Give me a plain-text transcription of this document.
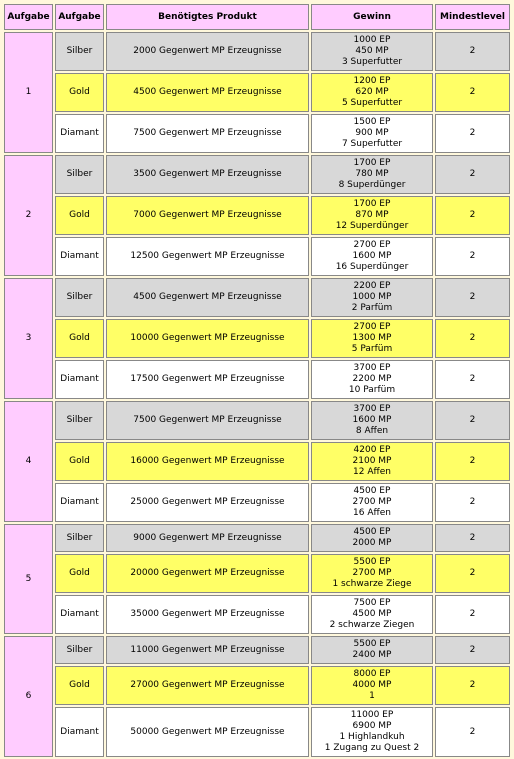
Aufgabe	Aufgabe	Benötigtes Produkt	Gewinn	Mindestlevel
1	Silber	2000 Gegenwert MP Erzeugnisse	1000 EP
450 MP
3 Superfutter	2
	Gold	4500 Gegenwert MP Erzeugnisse	1200 EP
620 MP
5 Superfutter	2
	Diamant	7500 Gegenwert MP Erzeugnisse	1500 EP
900 MP
7 Superfutter	2
2	Silber	3500 Gegenwert MP Erzeugnisse	1700 EP
780 MP
8 Superdünger	2
	Gold	7000 Gegenwert MP Erzeugnisse	1700 EP
870 MP
12 Superdünger	2
	Diamant	12500 Gegenwert MP Erzeugnisse	2700 EP
1600 MP
16 Superdünger	2
3	Silber	4500 Gegenwert MP Erzeugnisse	2200 EP
1000 MP
2 Parfüm	2
	Gold	10000 Gegenwert MP Erzeugnisse	2700 EP
1300 MP
5 Parfüm	2
	Diamant	17500 Gegenwert MP Erzeugnisse	3700 EP
2200 MP
10 Parfüm	2
4	Silber	7500 Gegenwert MP Erzeugnisse	3700 EP
1600 MP
8 Affen	2
	Gold	16000 Gegenwert MP Erzeugnisse	4200 EP
2100 MP
12 Affen	2
	Diamant	25000 Gegenwert MP Erzeugnisse	4500 EP
2700 MP
16 Affen	2
5	Silber	9000 Gegenwert MP Erzeugnisse	4500 EP
2000 MP	2
	Gold	20000 Gegenwert MP Erzeugnisse	5500 EP
2700 MP
1 schwarze Ziege	2
	Diamant	35000 Gegenwert MP Erzeugnisse	7500 EP
4500 MP
2 schwarze Ziegen	2
6	Silber	11000 Gegenwert MP Erzeugnisse	5500 EP
2400 MP	2
	Gold	27000 Gegenwert MP Erzeugnisse	8000 EP
4000 MP
1	2
	Diamant	50000 Gegenwert MP Erzeugnisse	11000 EP
6900 MP
1 Highlandkuh
1 Zugang zu Quest 2	2
